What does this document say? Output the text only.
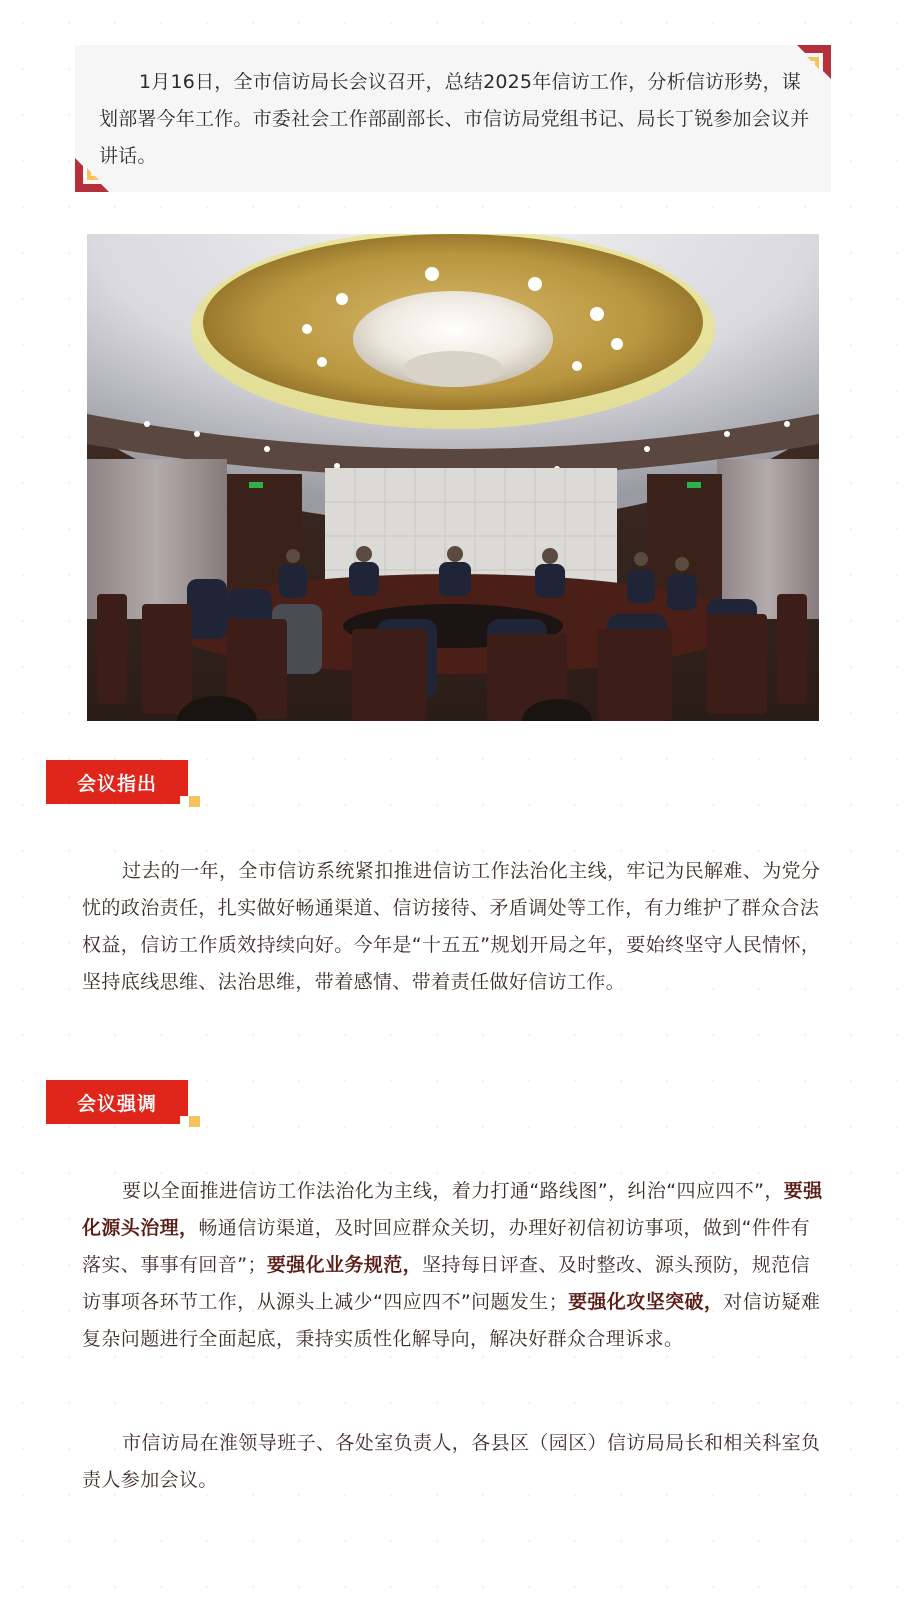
1月16日，全市信访局长会议召开，总结2025年信访工作，分析信访形势，谋划部署今年工作。市委社会工作部副部长、市信访局党组书记、局长丁锐参加会议并讲话。

会议指出

过去的一年，全市信访系统紧扣推进信访工作法治化主线，牢记为民解难、为党分忧的政治责任，扎实做好畅通渠道、信访接待、矛盾调处等工作，有力维护了群众合法权益，信访工作质效持续向好。今年是“十五五”规划开局之年，要始终坚守人民情怀，坚持底线思维、法治思维，带着感情、带着责任做好信访工作。

会议强调

要以全面推进信访工作法治化为主线，着力打通“路线图”，纠治“四应四不”，要强化源头治理，畅通信访渠道，及时回应群众关切，办理好初信初访事项，做到“件件有落实、事事有回音”；要强化业务规范，坚持每日评查、及时整改、源头预防，规范信访事项各环节工作，从源头上减少“四应四不”问题发生；要强化攻坚突破，对信访疑难复杂问题进行全面起底，秉持实质性化解导向，解决好群众合理诉求。

市信访局在淮领导班子、各处室负责人，各县区（园区）信访局局长和相关科室负责人参加会议。
